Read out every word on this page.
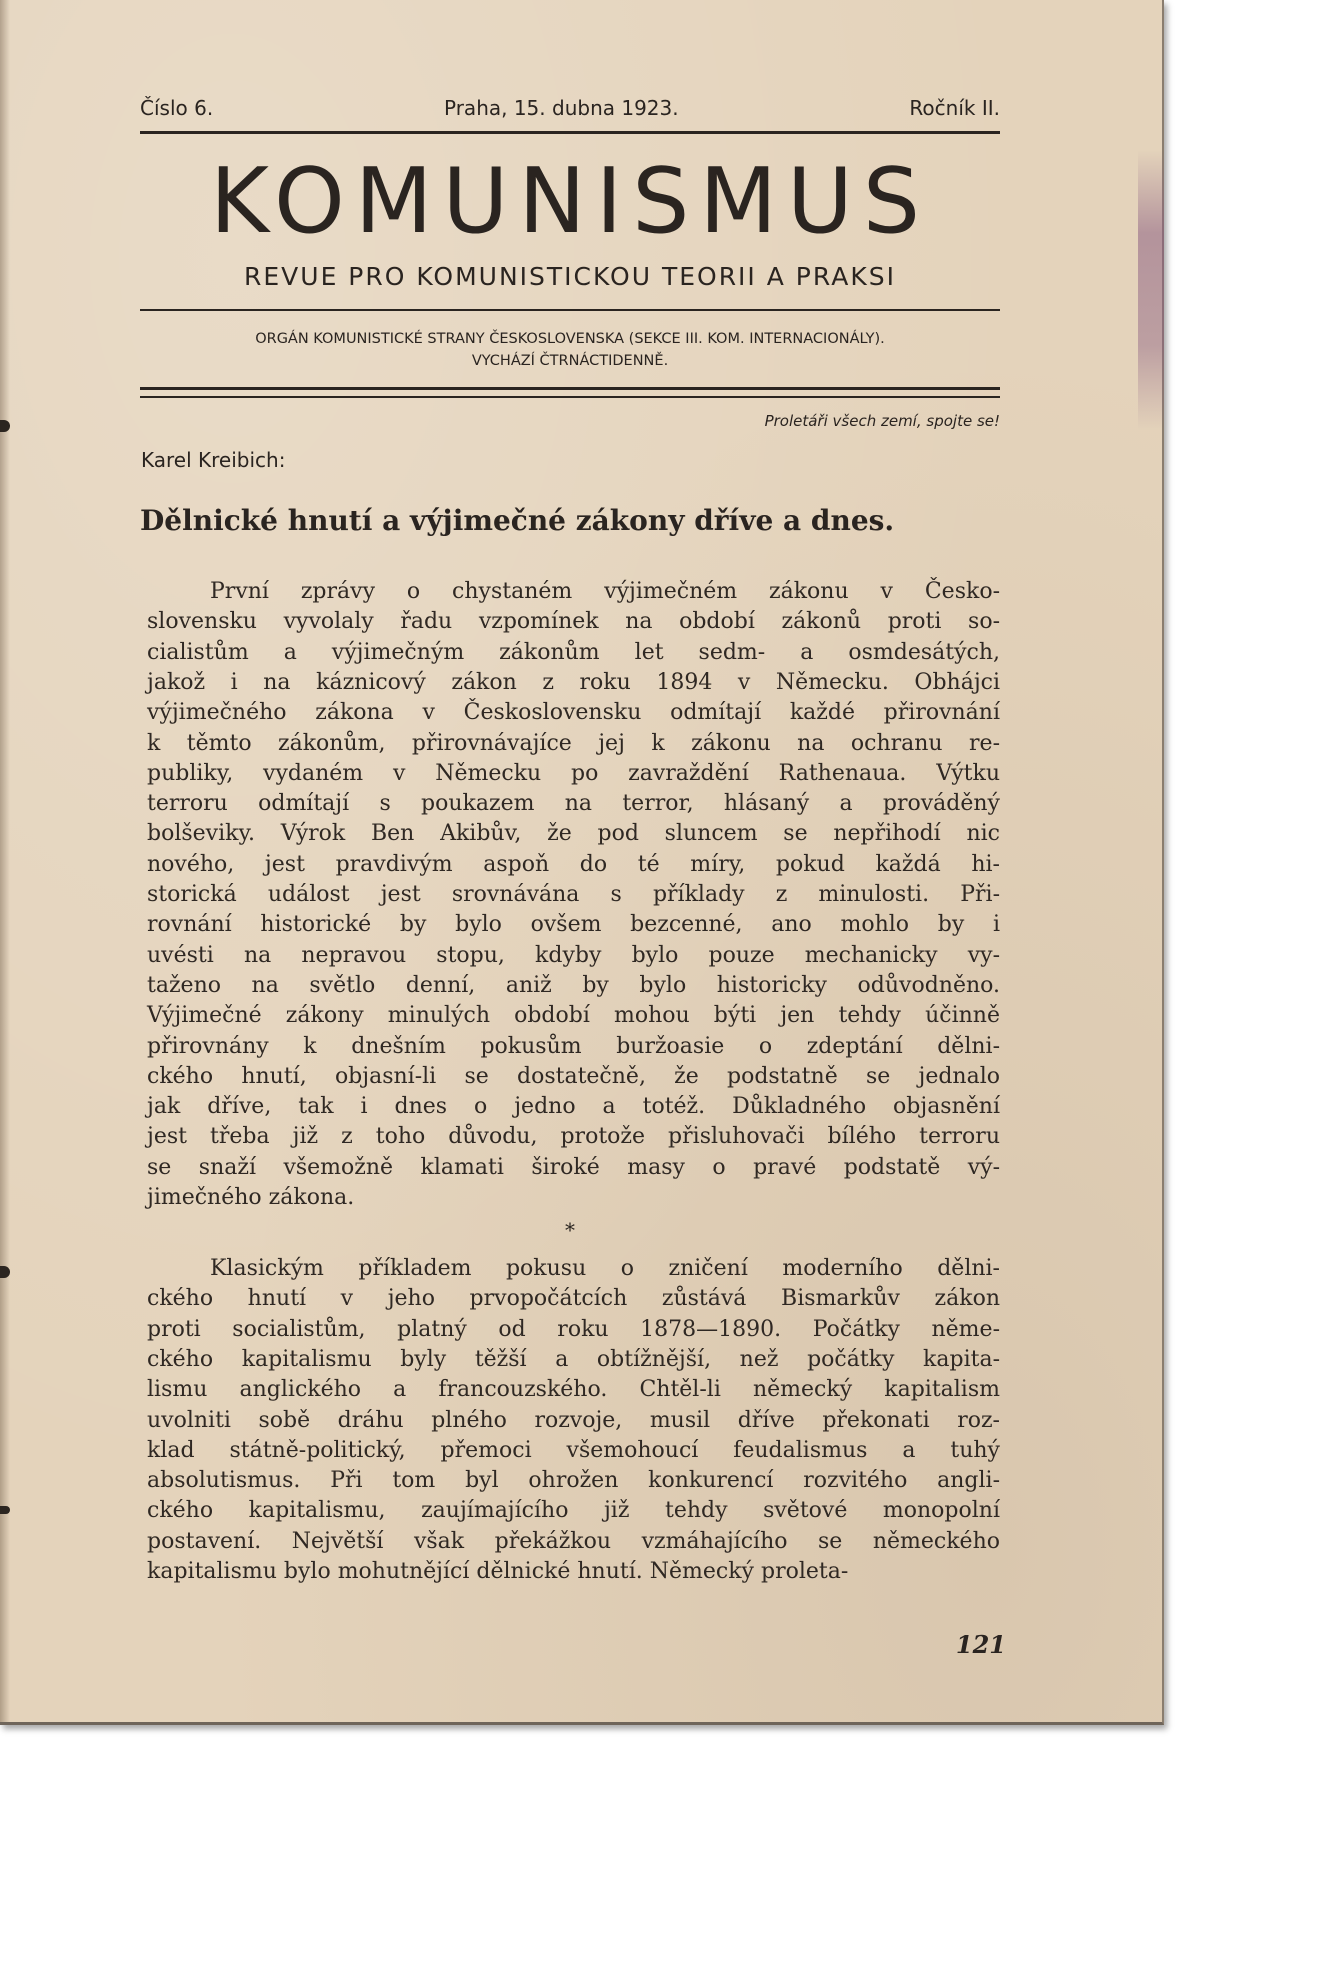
Číslo 6.	Praha, 15. dubna 1923.	Ročník II.
KOMUNISMUS
REVUE PRO KOMUNISTICKOU TEORII A PRAKSI
ORGÁN KOMUNISTICKÉ STRANY ČESKOSLOVENSKA (SEKCE III. KOM. INTERNACIONÁLY).
VYCHÁZÍ ČTRNÁCTIDENNĚ.
Proletáři všech zemí, spojte se!
Karel Kreibich:
Dělnické hnutí a výjimečné zákony dříve a dnes.
První zprávy o chystaném výjimečném zákonu v Česko-
slovensku vyvolaly řadu vzpomínek na období zákonů proti so-
cialistům a výjimečným zákonům let sedm- a osmdesátých,
jakož i na káznicový zákon z roku 1894 v Německu. Obhájci
výjimečného zákona v Československu odmítají každé přirovnání
k těmto zákonům, přirovnávajíce jej k zákonu na ochranu re-
publiky, vydaném v Německu po zavraždění Rathenaua. Výtku
terroru odmítají s poukazem na terror, hlásaný a prováděný
bolševiky. Výrok Ben Akibův, že pod sluncem se nepřihodí nic
nového, jest pravdivým aspoň do té míry, pokud každá hi-
storická událost jest srovnávána s příklady z minulosti. Při-
rovnání historické by bylo ovšem bezcenné, ano mohlo by i
uvésti na nepravou stopu, kdyby bylo pouze mechanicky vy-
taženo na světlo denní, aniž by bylo historicky odůvodněno.
Výjimečné zákony minulých období mohou býti jen tehdy účinně
přirovnány k dnešním pokusům buržoasie o zdeptání dělni-
ckého hnutí, objasní-li se dostatečně, že podstatně se jednalo
jak dříve, tak i dnes o jedno a totéž. Důkladného objasnění
jest třeba již z toho důvodu, protože přisluhovači bílého terroru
se snaží všemožně klamati široké masy o pravé podstatě vý-
jimečného zákona.
*
Klasickým příkladem pokusu o zničení moderního dělni-
ckého hnutí v jeho prvopočátcích zůstává Bismarkův zákon
proti socialistům, platný od roku 1878—1890. Počátky něme-
ckého kapitalismu byly těžší a obtížnější, než počátky kapita-
lismu anglického a francouzského. Chtěl-li německý kapitalism
uvolniti sobě dráhu plného rozvoje, musil dříve překonati roz-
klad státně-politický, přemoci všemohoucí feudalismus a tuhý
absolutismus. Při tom byl ohrožen konkurencí rozvitého angli-
ckého kapitalismu, zaujímajícího již tehdy světové monopolní
postavení. Největší však překážkou vzmáhajícího se německého
kapitalismu bylo mohutnějící dělnické hnutí. Německý proleta-
121
